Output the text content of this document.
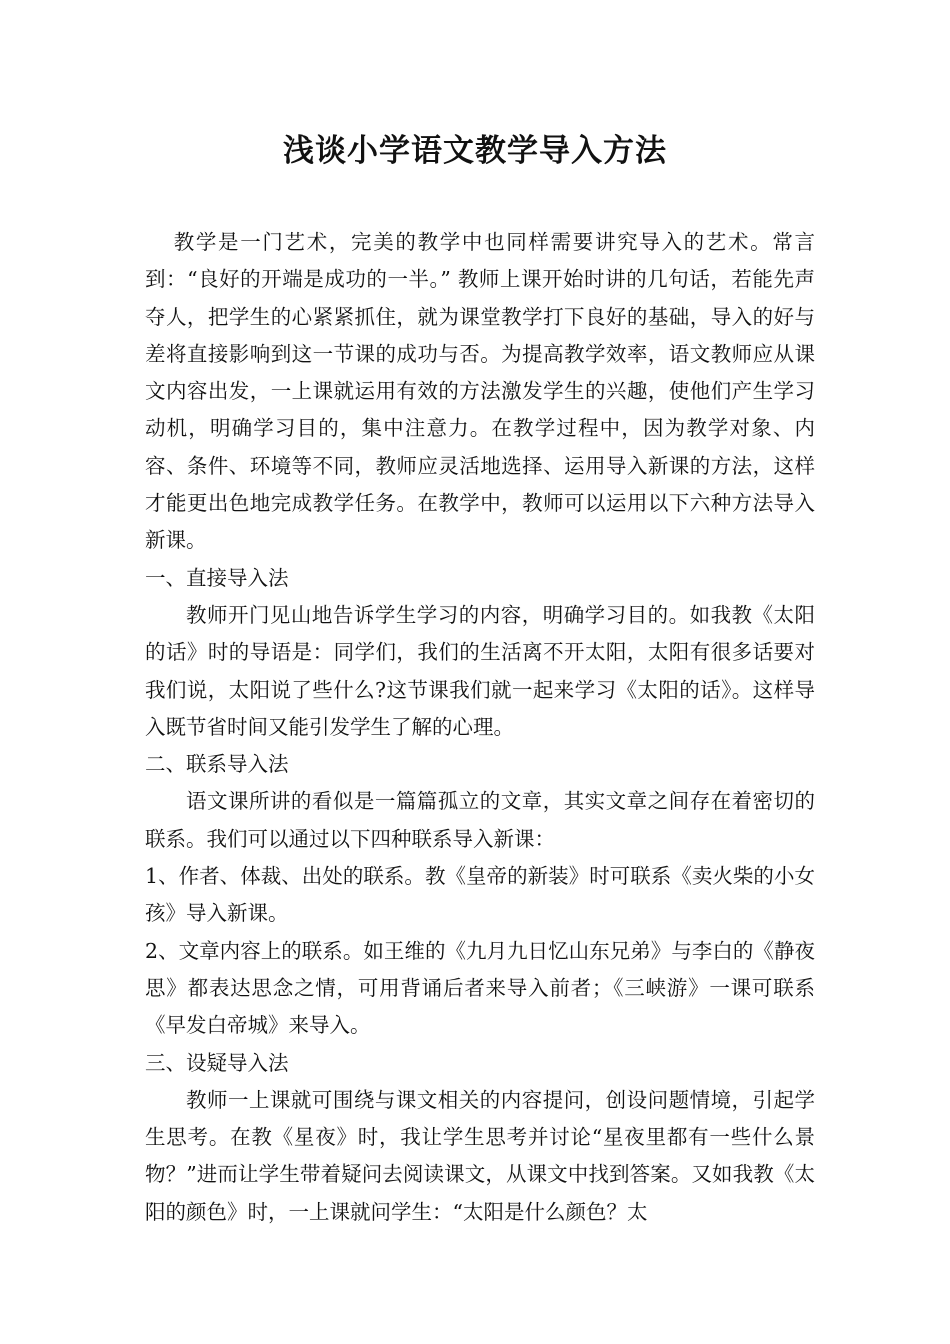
浅谈小学语文教学导入方法

教学是一门艺术，完美的教学中也同样需要讲究导入的艺术。常言到：“良好的开端是成功的一半。” 教师上课开始时讲的几句话，若能先声夺人，把学生的心紧紧抓住，就为课堂教学打下良好的基础，导入的好与差将直接影响到这一节课的成功与否。为提高教学效率，语文教师应从课文内容出发，一上课就运用有效的方法激发学生的兴趣，使他们产生学习动机，明确学习目的，集中注意力。在教学过程中，因为教学对象、内容、条件、环境等不同，教师应灵活地选择、运用导入新课的方法，这样才能更出色地完成教学任务。在教学中，教师可以运用以下六种方法导入新课。

一、直接导入法

教师开门见山地告诉学生学习的内容，明确学习目的。如我教《太阳的话》时的导语是：同学们，我们的生活离不开太阳，太阳有很多话要对我们说，太阳说了些什么?这节课我们就一起来学习《太阳的话》。这样导入既节省时间又能引发学生了解的心理。

二、联系导入法

语文课所讲的看似是一篇篇孤立的文章，其实文章之间存在着密切的联系。我们可以通过以下四种联系导入新课：

1、作者、体裁、出处的联系。教《皇帝的新装》时可联系《卖火柴的小女孩》导入新课。

2、文章内容上的联系。如王维的《九月九日忆山东兄弟》与李白的《静夜思》都表达思念之情，可用背诵后者来导入前者；《三峡游》一课可联系《早发白帝城》来导入。

三、设疑导入法

教师一上课就可围绕与课文相关的内容提问，创设问题情境，引起学生思考。在教《星夜》时，我让学生思考并讨论“星夜里都有一些什么景物？”进而让学生带着疑问去阅读课文，从课文中找到答案。又如我教《太阳的颜色》时，一上课就问学生：“太阳是什么颜色？太
